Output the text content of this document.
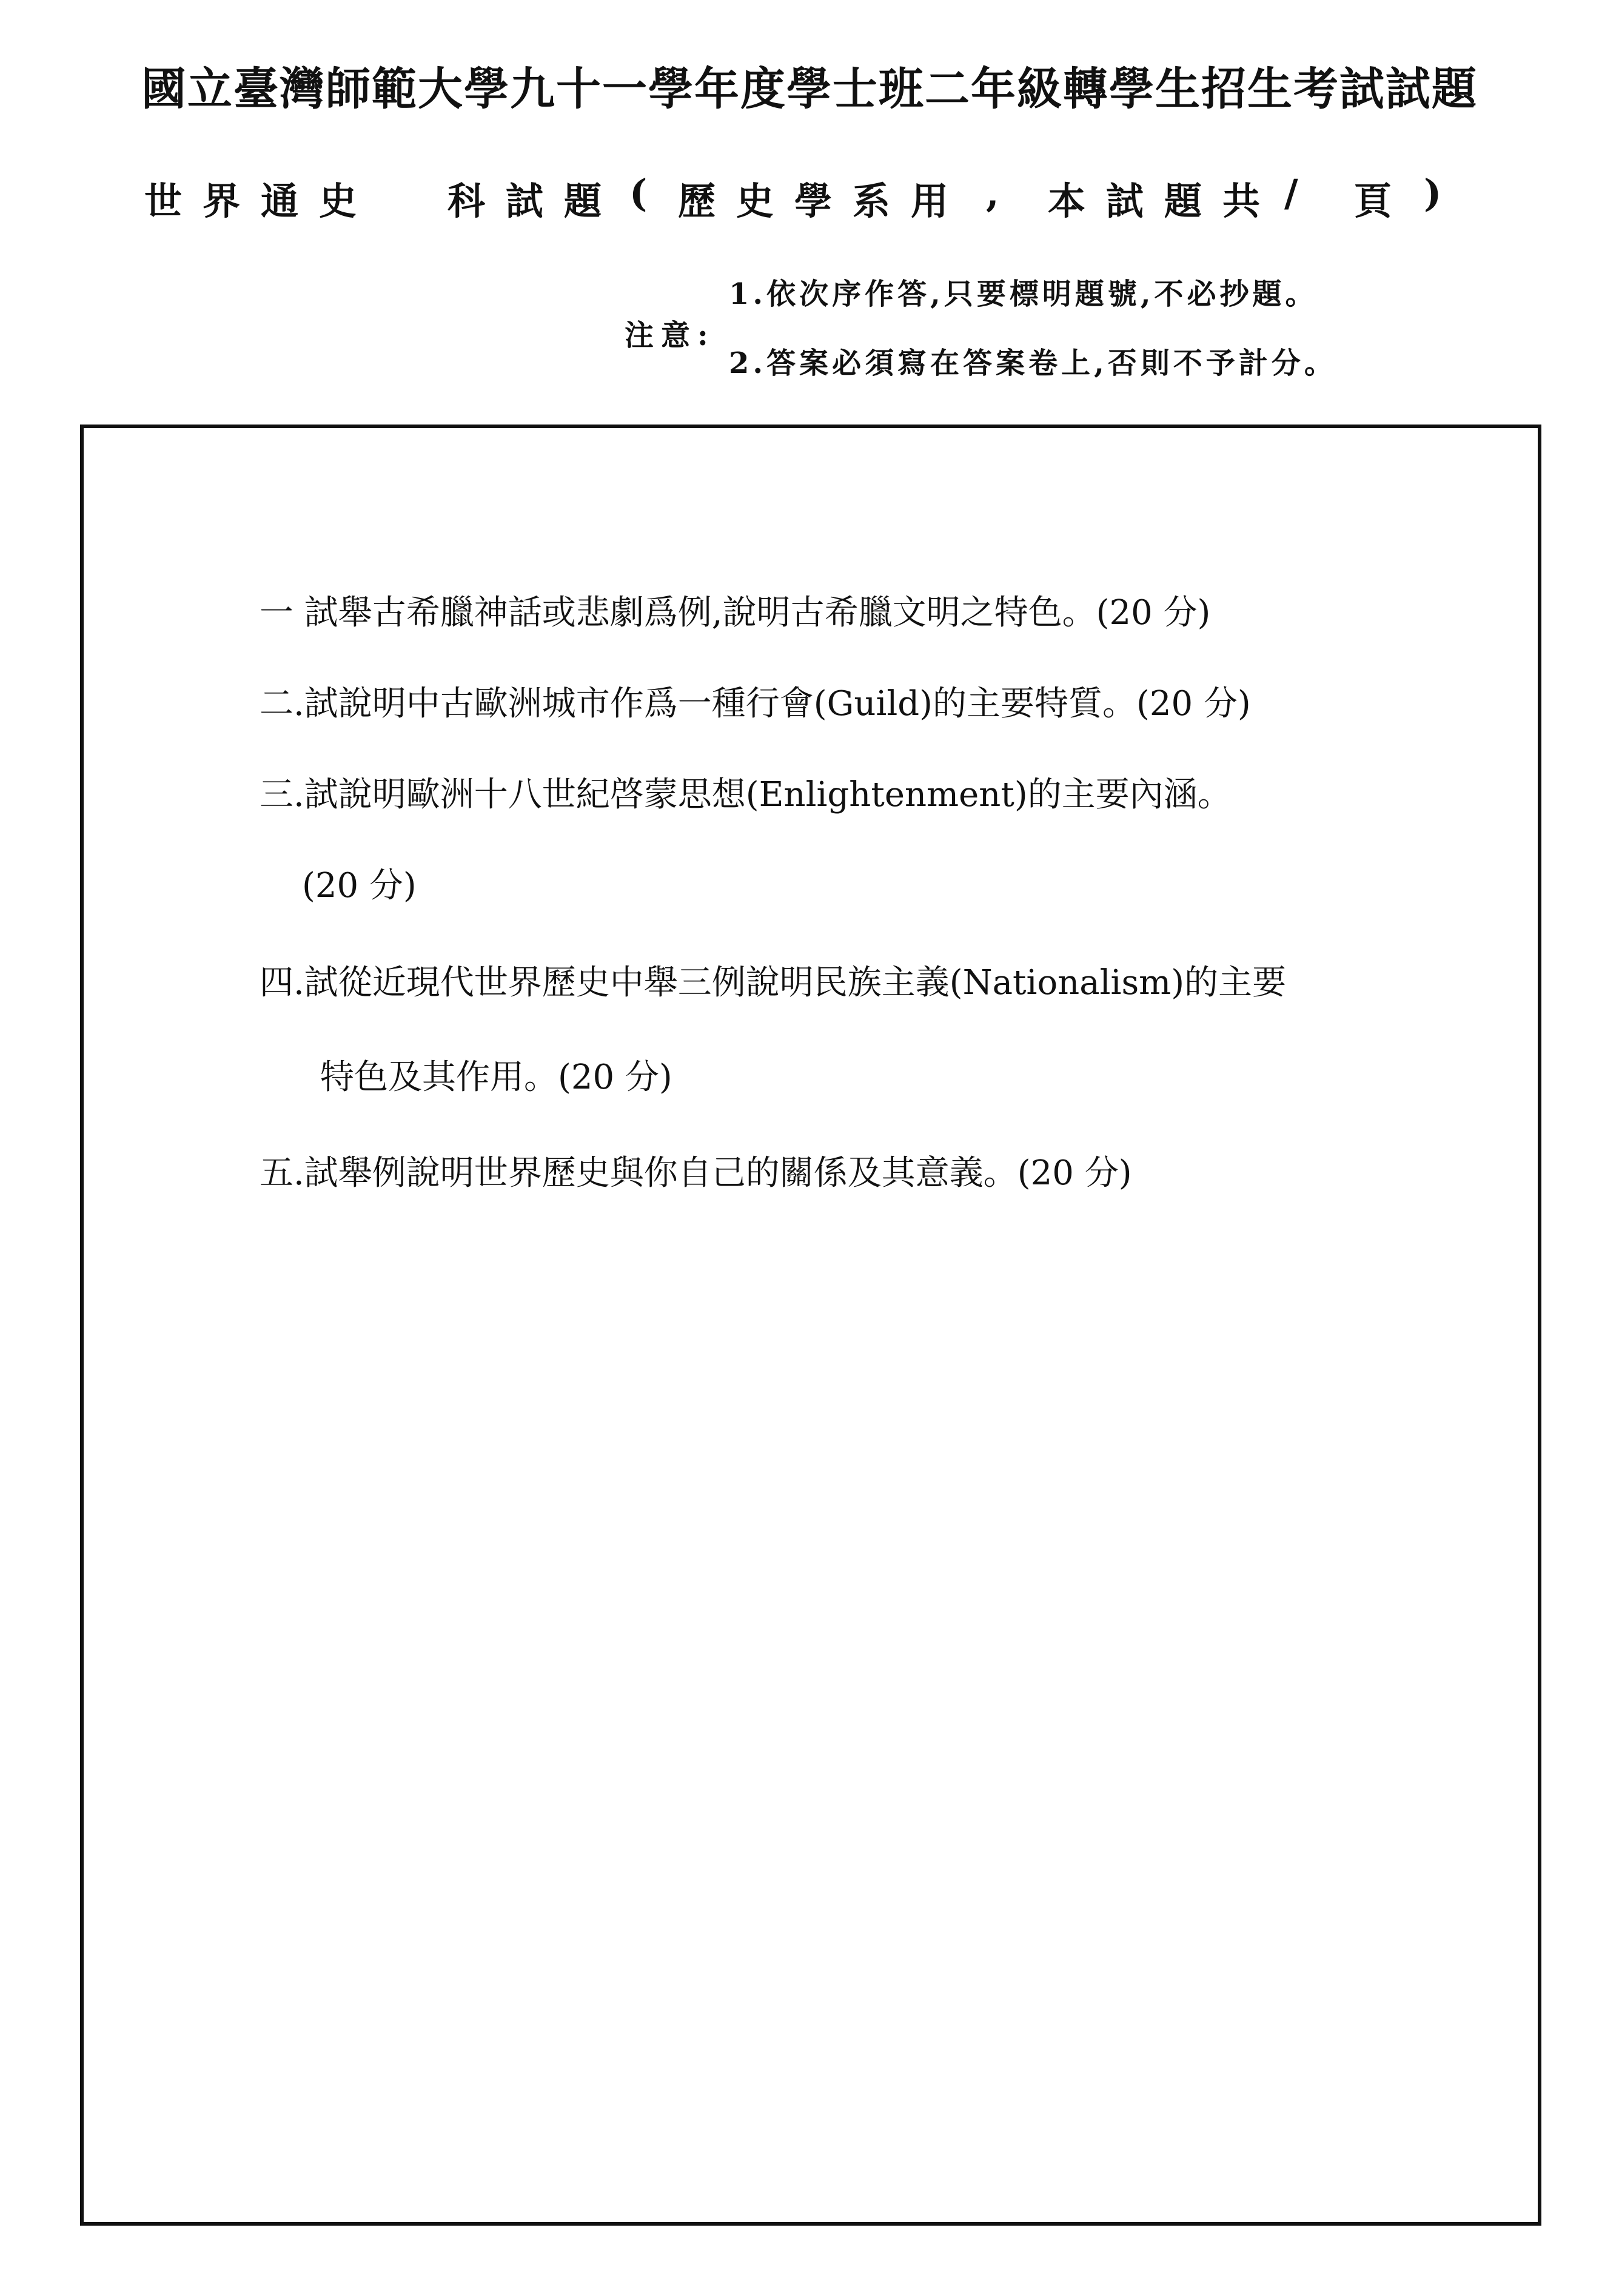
國立臺灣師範大學九十一學年度學士班二年級轉學生招生考試試題
世界通史 科試題 ( 歷史學系用 , 本試題共 / 頁 )
注意:
1.依次序作答,只要標明題號,不必抄題。
2.答案必須寫在答案卷上,否則不予計分。
一 試舉古希臘神話或悲劇爲例,說明古希臘文明之特色。(20 分)
二.試說明中古歐洲城市作爲一種行會(Guild)的主要特質。(20 分)
三.試說明歐洲十八世紀啓蒙思想(Enlightenment)的主要內涵。
(20 分)
四.試從近現代世界歷史中舉三例說明民族主義(Nationalism)的主要
特色及其作用。(20 分)
五.試舉例說明世界歷史與你自己的關係及其意義。(20 分)
